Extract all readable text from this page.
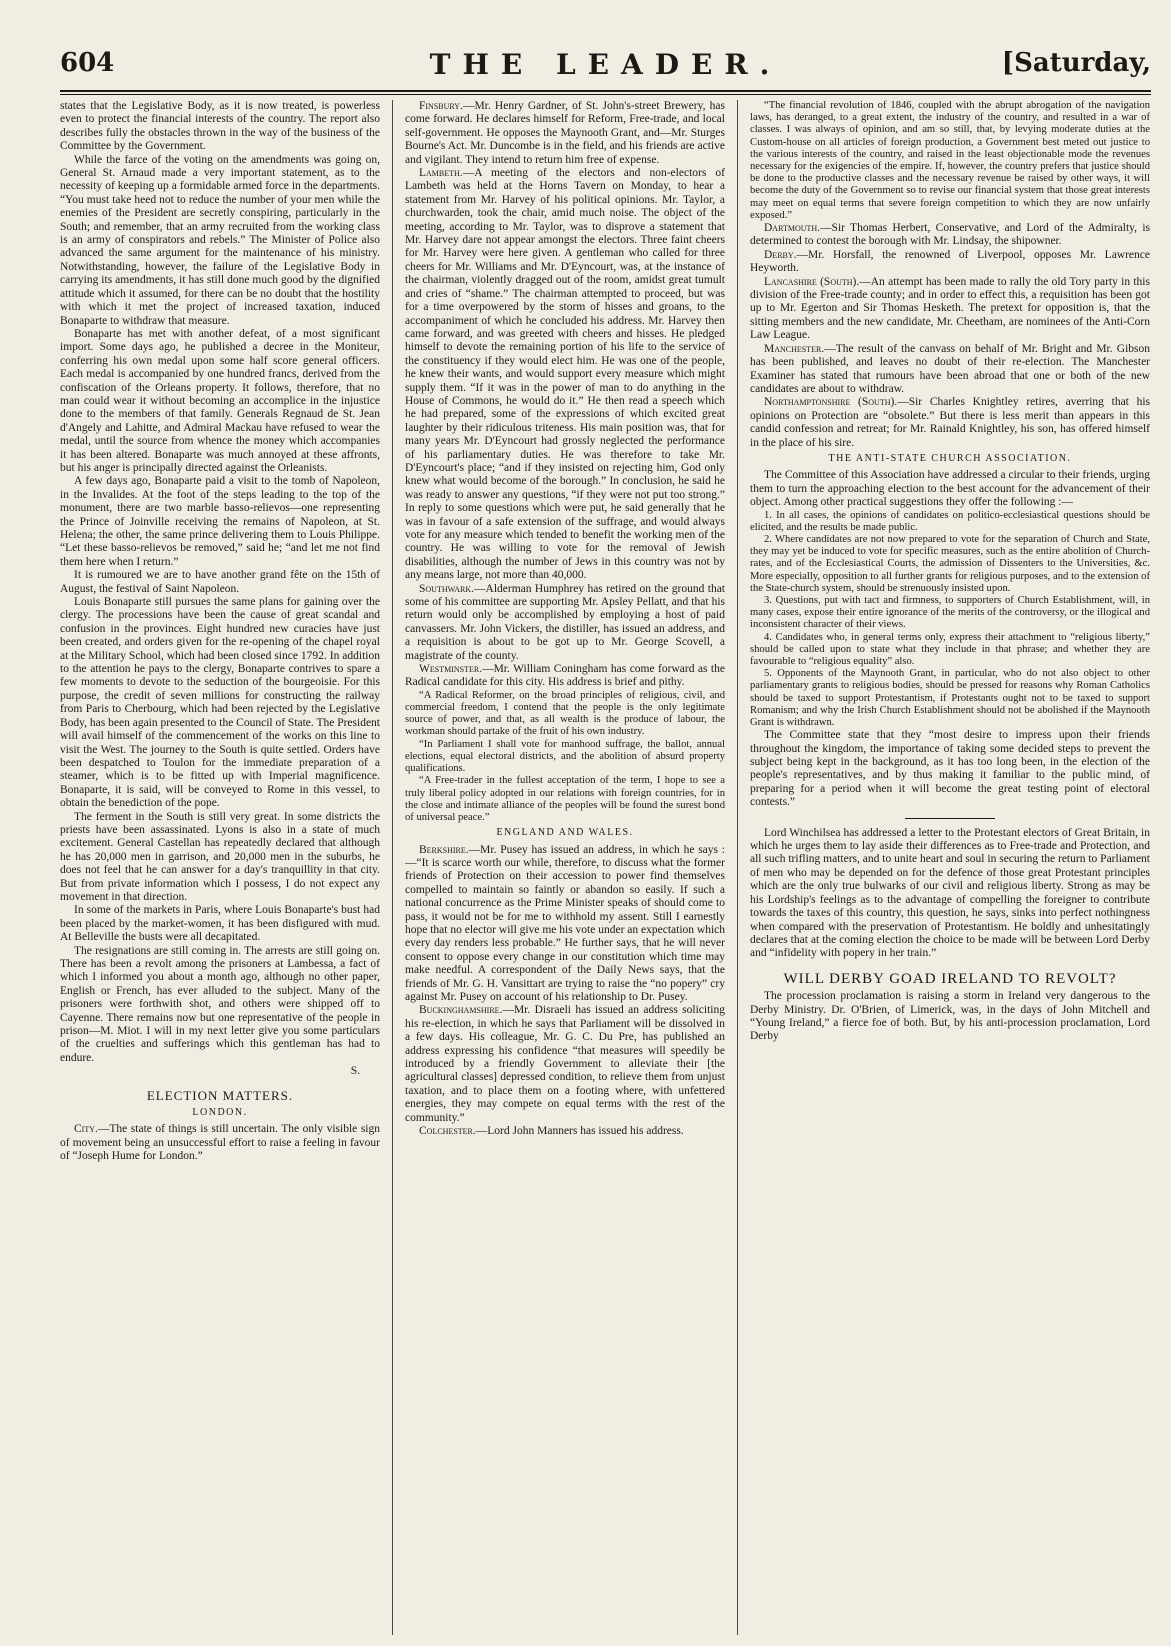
604	THE LEADER.	[Saturday,

states that the Legislative Body, as it is now treated, is powerless even to protect the financial interests of the country. The report also describes fully the obstacles thrown in the way of the business of the Committee by the Government.

While the farce of the voting on the amendments was going on, General St. Arnaud made a very important statement, as to the necessity of keeping up a formidable armed force in the departments. “You must take heed not to reduce the number of your men while the enemies of the President are secretly conspiring, particularly in the South; and remember, that an army recruited from the working class is an army of conspirators and rebels.” The Minister of Police also advanced the same argument for the maintenance of his ministry. Notwithstanding, however, the failure of the Legislative Body in carrying its amendments, it has still done much good by the dignified attitude which it assumed, for there can be no doubt that the hostility with which it met the project of increased taxation, induced Bonaparte to withdraw that measure.

Bonaparte has met with another defeat, of a most significant import. Some days ago, he published a decree in the Moniteur, conferring his own medal upon some half score general officers. Each medal is accompanied by one hundred francs, derived from the confiscation of the Orleans property. It follows, therefore, that no man could wear it without becoming an accomplice in the injustice done to the members of that family. Generals Regnaud de St. Jean d'Angely and Lahitte, and Admiral Mackau have refused to wear the medal, until the source from whence the money which accompanies it has been altered. Bonaparte was much annoyed at these affronts, but his anger is principally directed against the Orleanists.

A few days ago, Bonaparte paid a visit to the tomb of Napoleon, in the Invalides. At the foot of the steps leading to the top of the monument, there are two marble basso-relievos—one representing the Prince of Joinville receiving the remains of Napoleon, at St. Helena; the other, the same prince delivering them to Louis Philippe. “Let these basso-relievos be removed,” said he; “and let me not find them here when I return.”

It is rumoured we are to have another grand fête on the 15th of August, the festival of Saint Napoleon.

Louis Bonaparte still pursues the same plans for gaining over the clergy. The processions have been the cause of great scandal and confusion in the provinces. Eight hundred new curacies have just been created, and orders given for the re-opening of the chapel royal at the Military School, which had been closed since 1792. In addition to the attention he pays to the clergy, Bonaparte contrives to spare a few moments to devote to the seduction of the bourgeoisie. For this purpose, the credit of seven millions for constructing the railway from Paris to Cherbourg, which had been rejected by the Legislative Body, has been again presented to the Council of State. The President will avail himself of the commencement of the works on this line to visit the West. The journey to the South is quite settled. Orders have been despatched to Toulon for the immediate preparation of a steamer, which is to be fitted up with Imperial magnificence. Bonaparte, it is said, will be conveyed to Rome in this vessel, to obtain the benediction of the pope.

The ferment in the South is still very great. In some districts the priests have been assassinated. Lyons is also in a state of much excitement. General Castellan has repeatedly declared that although he has 20,000 men in garrison, and 20,000 men in the suburbs, he does not feel that he can answer for a day's tranquillity in that city. But from private information which I possess, I do not expect any movement in that direction.

In some of the markets in Paris, where Louis Bonaparte's bust had been placed by the market-women, it has been disfigured with mud. At Belleville the busts were all decapitated.

The resignations are still coming in. The arrests are still going on. There has been a revolt among the prisoners at Lambessa, a fact of which I informed you about a month ago, although no other paper, English or French, has ever alluded to the subject. Many of the prisoners were forthwith shot, and others were shipped off to Cayenne. There remains now but one representative of the people in prison—M. Miot. I will in my next letter give you some particulars of the cruelties and sufferings which this gentleman has had to endure.

S.

ELECTION MATTERS.

LONDON.

City.—The state of things is still uncertain. The only visible sign of movement being an unsuccessful effort to raise a feeling in favour of “Joseph Hume for London.”

Finsbury.—Mr. Henry Gardner, of St. John's-street Brewery, has come forward. He declares himself for Reform, Free-trade, and local self-government. He opposes the Maynooth Grant, and—Mr. Sturges Bourne's Act. Mr. Duncombe is in the field, and his friends are active and vigilant. They intend to return him free of expense.

Lambeth.—A meeting of the electors and non-electors of Lambeth was held at the Horns Tavern on Monday, to hear a statement from Mr. Harvey of his political opinions. Mr. Taylor, a churchwarden, took the chair, amid much noise. The object of the meeting, according to Mr. Taylor, was to disprove a statement that Mr. Harvey dare not appear amongst the electors. Three faint cheers for Mr. Harvey were here given. A gentleman who called for three cheers for Mr. Williams and Mr. D'Eyncourt, was, at the instance of the chairman, violently dragged out of the room, amidst great tumult and cries of “shame.” The chairman attempted to proceed, but was for a time overpowered by the storm of hisses and groans, to the accompaniment of which he concluded his address. Mr. Harvey then came forward, and was greeted with cheers and hisses. He pledged himself to devote the remaining portion of his life to the service of the constituency if they would elect him. He was one of the people, he knew their wants, and would support every measure which might supply them. “If it was in the power of man to do anything in the House of Commons, he would do it.” He then read a speech which he had prepared, some of the expressions of which excited great laughter by their ridiculous triteness. His main position was, that for many years Mr. D'Eyncourt had grossly neglected the performance of his parliamentary duties. He was therefore to take Mr. D'Eyncourt's place; “and if they insisted on rejecting him, God only knew what would become of the borough.” In conclusion, he said he was ready to answer any questions, “if they were not put too strong.” In reply to some questions which were put, he said generally that he was in favour of a safe extension of the suffrage, and would always vote for any measure which tended to benefit the working men of the country. He was willing to vote for the removal of Jewish disabilities, although the number of Jews in this country was not by any means large, not more than 40,000.

Southwark.—Alderman Humphrey has retired on the ground that some of his committee are supporting Mr. Apsley Pellatt, and that his return would only be accomplished by employing a host of paid canvassers. Mr. John Vickers, the distiller, has issued an address, and a requisition is about to be got up to Mr. George Scovell, a magistrate of the county.

Westminster.—Mr. William Coningham has come forward as the Radical candidate for this city. His address is brief and pithy.

“A Radical Reformer, on the broad principles of religious, civil, and commercial freedom, I contend that the people is the only legitimate source of power, and that, as all wealth is the produce of labour, the workman should partake of the fruit of his own industry.

“In Parliament I shall vote for manhood suffrage, the ballot, annual elections, equal electoral districts, and the abolition of absurd property qualifications.

“A Free-trader in the fullest acceptation of the term, I hope to see a truly liberal policy adopted in our relations with foreign countries, for in the close and intimate alliance of the peoples will be found the surest bond of universal peace.”

ENGLAND AND WALES.

Berkshire.—Mr. Pusey has issued an address, in which he says :—“It is scarce worth our while, therefore, to discuss what the former friends of Protection on their accession to power find themselves compelled to maintain so faintly or abandon so easily. If such a national concurrence as the Prime Minister speaks of should come to pass, it would not be for me to withhold my assent. Still I earnestly hope that no elector will give me his vote under an expectation which every day renders less probable.” He further says, that he will never consent to oppose every change in our constitution which time may make needful. A correspondent of the Daily News says, that the friends of Mr. G. H. Vansittart are trying to raise the “no popery” cry against Mr. Pusey on account of his relationship to Dr. Pusey.

Buckinghamshire.—Mr. Disraeli has issued an address soliciting his re-election, in which he says that Parliament will be dissolved in a few days. His colleague, Mr. G. C. Du Pre, has published an address expressing his confidence “that measures will speedily be introduced by a friendly Government to alleviate their [the agricultural classes] depressed condition, to relieve them from unjust taxation, and to place them on a footing where, with unfettered energies, they may compete on equal terms with the rest of the community.”

Colchester.—Lord John Manners has issued his address.

“The financial revolution of 1846, coupled with the abrupt abrogation of the navigation laws, has deranged, to a great extent, the industry of the country, and resulted in a war of classes. I was always of opinion, and am so still, that, by levying moderate duties at the Custom-house on all articles of foreign production, a Government best meted out justice to the various interests of the country, and raised in the least objectionable mode the revenues necessary for the exigencies of the empire. If, however, the country prefers that justice should be done to the productive classes and the necessary revenue be raised by other ways, it will become the duty of the Government so to revise our financial system that those great interests may meet on equal terms that severe foreign competition to which they are now unfairly exposed.”

Dartmouth.—Sir Thomas Herbert, Conservative, and Lord of the Admiralty, is determined to contest the borough with Mr. Lindsay, the shipowner.

Derby.—Mr. Horsfall, the renowned of Liverpool, opposes Mr. Lawrence Heyworth.

Lancashire (South).—An attempt has been made to rally the old Tory party in this division of the Free-trade county; and in order to effect this, a requisition has been got up to Mr. Egerton and Sir Thomas Hesketh. The pretext for opposition is, that the sitting members and the new candidate, Mr. Cheetham, are nominees of the Anti-Corn Law League.

Manchester.—The result of the canvass on behalf of Mr. Bright and Mr. Gibson has been published, and leaves no doubt of their re-election. The Manchester Examiner has stated that rumours have been abroad that one or both of the new candidates are about to withdraw.

Northamptonshire (South).—Sir Charles Knightley retires, averring that his opinions on Protection are “obsolete.” But there is less merit than appears in this candid confession and retreat; for Mr. Rainald Knightley, his son, has offered himself in the place of his sire.

THE ANTI-STATE CHURCH ASSOCIATION.

The Committee of this Association have addressed a circular to their friends, urging them to turn the approaching election to the best account for the advancement of their object. Among other practical suggestions they offer the following :—

1. In all cases, the opinions of candidates on politico-ecclesiastical questions should be elicited, and the results be made public.

2. Where candidates are not now prepared to vote for the separation of Church and State, they may yet be induced to vote for specific measures, such as the entire abolition of Church-rates, and of the Ecclesiastical Courts, the admission of Dissenters to the Universities, &c. More especially, opposition to all further grants for religious purposes, and to the extension of the State-church system, should be strenuously insisted upon.

3. Questions, put with tact and firmness, to supporters of Church Establishment, will, in many cases, expose their entire ignorance of the merits of the controversy, or the illogical and inconsistent character of their views.

4. Candidates who, in general terms only, express their attachment to “religious liberty,” should be called upon to state what they include in that phrase; and whether they are favourable to “religious equality” also.

5. Opponents of the Maynooth Grant, in particular, who do not also object to other parliamentary grants to religious bodies, should be pressed for reasons why Roman Catholics should be taxed to support Protestantism, if Protestants ought not to be taxed to support Romanism; and why the Irish Church Establishment should not be abolished if the Maynooth Grant is withdrawn.

The Committee state that they “most desire to impress upon their friends throughout the kingdom, the importance of taking some decided steps to prevent the subject being kept in the background, as it has too long been, in the election of the people's representatives, and by thus making it familiar to the public mind, of preparing for a period when it will become the great testing point of electoral contests.”

Lord Winchilsea has addressed a letter to the Protestant electors of Great Britain, in which he urges them to lay aside their differences as to Free-trade and Protection, and all such trifling matters, and to unite heart and soul in securing the return to Parliament of men who may be depended on for the defence of those great Protestant principles which are the only true bulwarks of our civil and religious liberty. Strong as may be his Lordship's feelings as to the advantage of compelling the foreigner to contribute towards the taxes of this country, this question, he says, sinks into perfect nothingness when compared with the preservation of Protestantism. He boldly and unhesitatingly declares that at the coming election the choice to be made will be between Lord Derby and “infidelity with popery in her train.”

WILL DERBY GOAD IRELAND TO REVOLT?

The procession proclamation is raising a storm in Ireland very dangerous to the Derby Ministry. Dr. O'Brien, of Limerick, was, in the days of John Mitchell and “Young Ireland,” a fierce foe of both. But, by his anti-procession proclamation, Lord Derby
